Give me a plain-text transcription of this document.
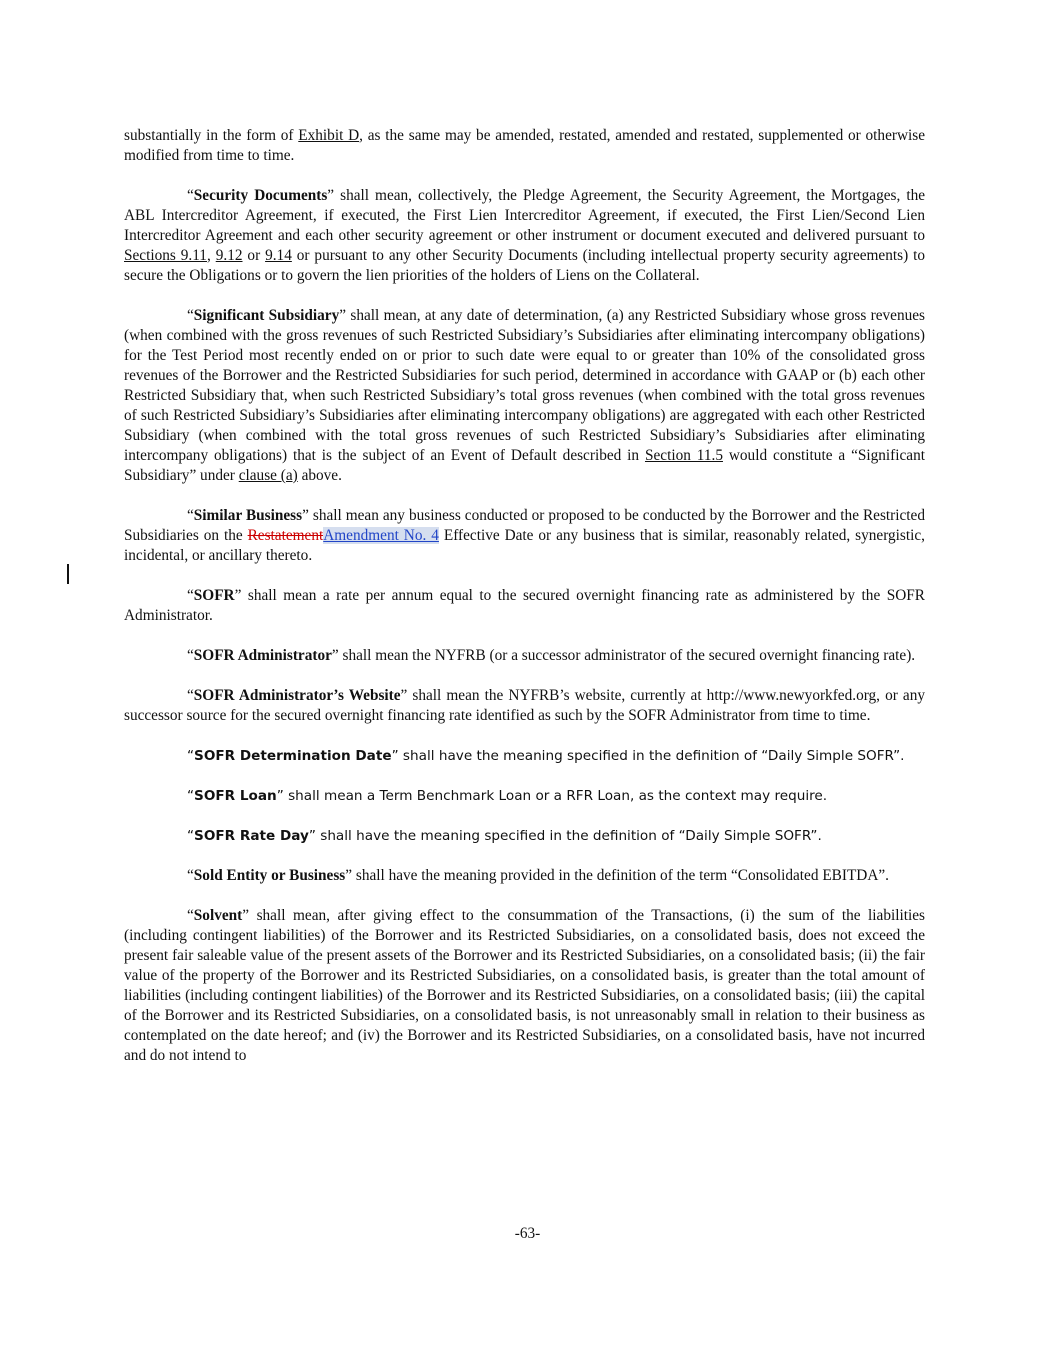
substantially in the form of Exhibit D, as the same may be amended, restated, amended and restated, supplemented or otherwise modified from time to time.

“Security Documents” shall mean, collectively, the Pledge Agreement, the Security Agreement, the Mortgages, the ABL Intercreditor Agreement, if executed, the First Lien Intercreditor Agreement, if executed, the First Lien/Second Lien Intercreditor Agreement and each other security agreement or other instrument or document executed and delivered pursuant to Sections 9.11, 9.12 or 9.14 or pursuant to any other Security Documents (including intellectual property security agreements) to secure the Obligations or to govern the lien priorities of the holders of Liens on the Collateral.

“Significant Subsidiary” shall mean, at any date of determination, (a) any Restricted Subsidiary whose gross revenues (when combined with the gross revenues of such Restricted Subsidiary’s Subsidiaries after eliminating intercompany obligations) for the Test Period most recently ended on or prior to such date were equal to or greater than 10% of the consolidated gross revenues of the Borrower and the Restricted Subsidiaries for such period, determined in accordance with GAAP or (b) each other Restricted Subsidiary that, when such Restricted Subsidiary’s total gross revenues (when combined with the total gross revenues of such Restricted Subsidiary’s Subsidiaries after eliminating intercompany obligations) are aggregated with each other Restricted Subsidiary (when combined with the total gross revenues of such Restricted Subsidiary’s Subsidiaries after eliminating intercompany obligations) that is the subject of an Event of Default described in Section 11.5 would constitute a “Significant Subsidiary” under clause (a) above.

“Similar Business” shall mean any business conducted or proposed to be conducted by the Borrower and the Restricted Subsidiaries on the RestatementAmendment No. 4 Effective Date or any business that is similar, reasonably related, synergistic, incidental, or ancillary thereto.

“SOFR” shall mean a rate per annum equal to the secured overnight financing rate as administered by the SOFR Administrator.

“SOFR Administrator” shall mean the NYFRB (or a successor administrator of the secured overnight financing rate).

“SOFR Administrator’s Website” shall mean the NYFRB’s website, currently at http://www.newyorkfed.org, or any successor source for the secured overnight financing rate identified as such by the SOFR Administrator from time to time.

“SOFR Determination Date” shall have the meaning specified in the definition of “Daily Simple SOFR”.

“SOFR Loan” shall mean a Term Benchmark Loan or a RFR Loan, as the context may require.

“SOFR Rate Day” shall have the meaning specified in the definition of “Daily Simple SOFR”.

“Sold Entity or Business” shall have the meaning provided in the definition of the term “Consolidated EBITDA”.

“Solvent” shall mean, after giving effect to the consummation of the Transactions, (i) the sum of the liabilities (including contingent liabilities) of the Borrower and its Restricted Subsidiaries, on a consolidated basis, does not exceed the present fair saleable value of the present assets of the Borrower and its Restricted Subsidiaries, on a consolidated basis; (ii) the fair value of the property of the Borrower and its Restricted Subsidiaries, on a consolidated basis, is greater than the total amount of liabilities (including contingent liabilities) of the Borrower and its Restricted Subsidiaries, on a consolidated basis; (iii) the capital of the Borrower and its Restricted Subsidiaries, on a consolidated basis, is not unreasonably small in relation to their business as contemplated on the date hereof; and (iv) the Borrower and its Restricted Subsidiaries, on a consolidated basis, have not incurred and do not intend to

-63-
